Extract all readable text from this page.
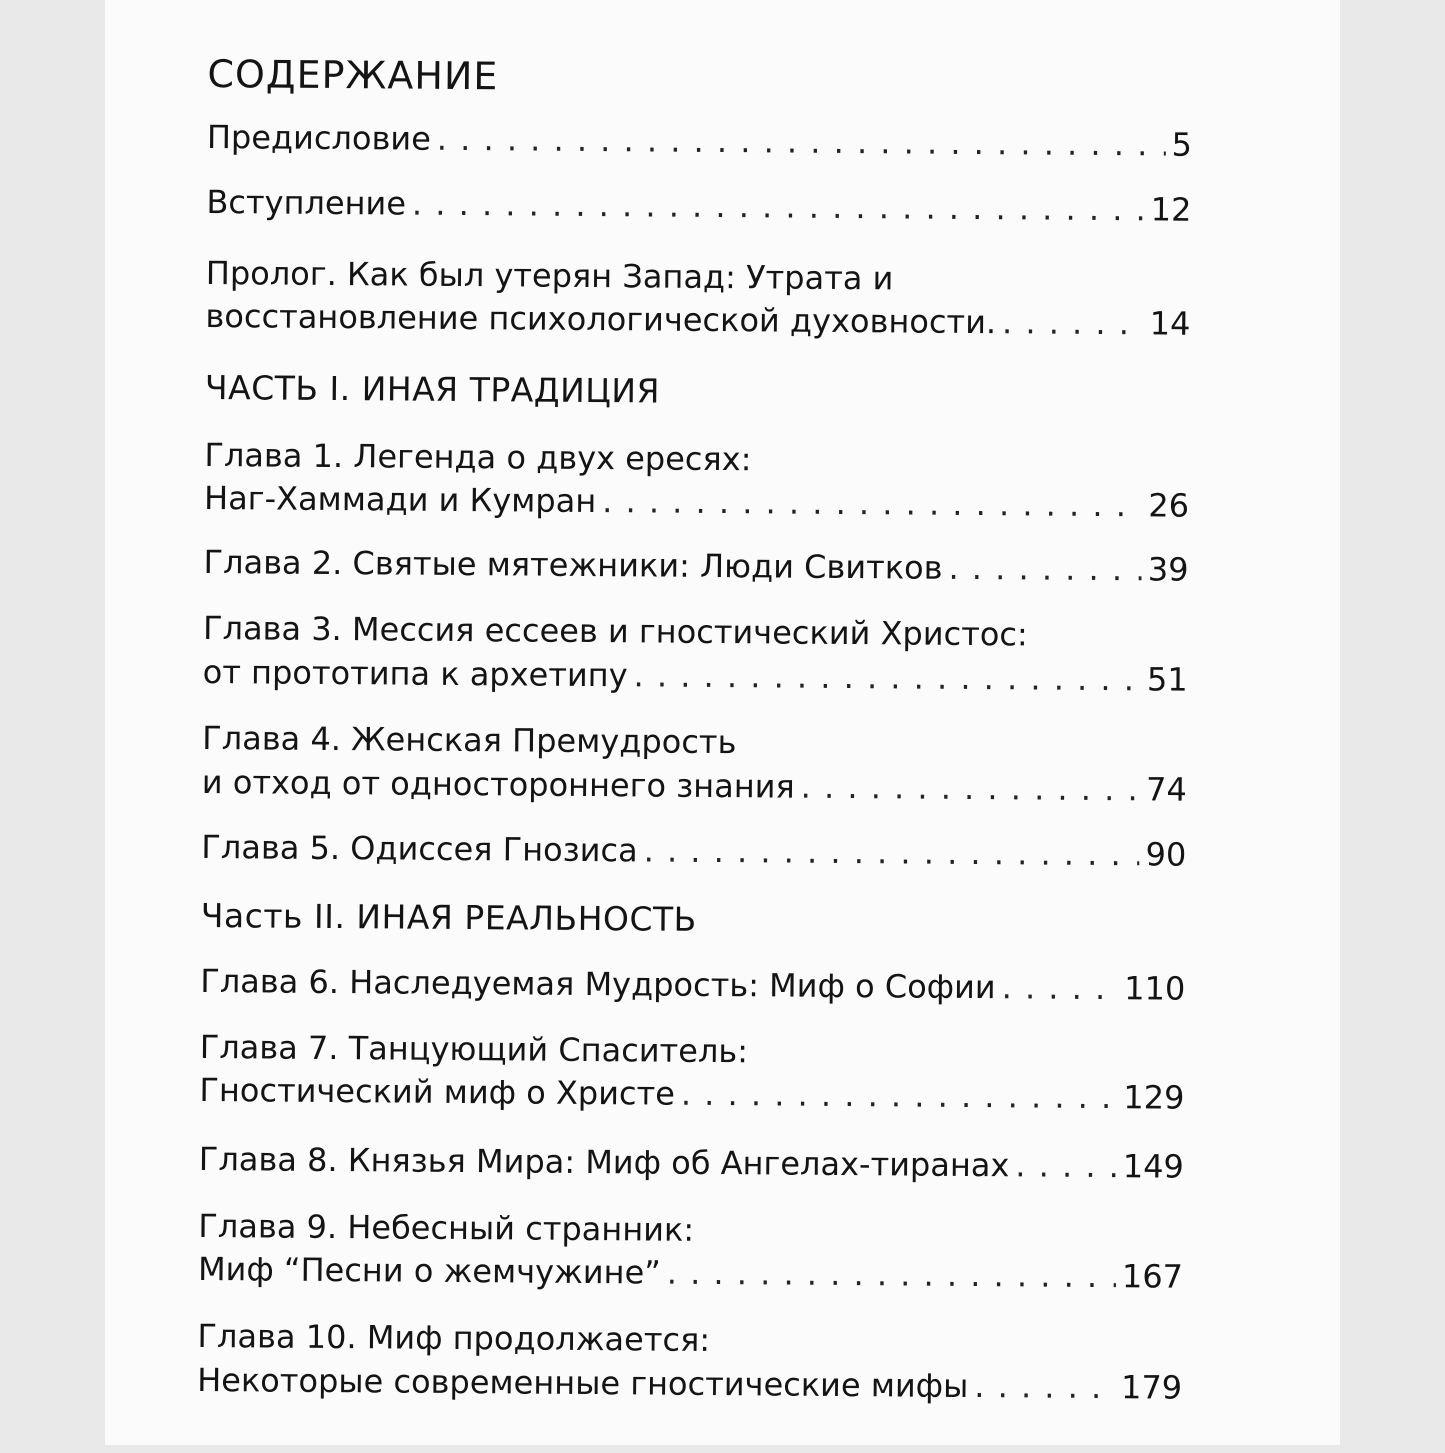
СОДЕРЖАНИЕ
Предисловие . . .	5
Вступление . . .	12
Пролог. Как был утерян Запад: Утрата и
восстановление психологической духовности. . . .	14
ЧАСТЬ I. ИНАЯ ТРАДИЦИЯ
Глава 1. Легенда о двух ересях:
Наг-Хаммади и Кумран . . .	26
Глава 2. Святые мятежники: Люди Свитков . . .	39
Глава 3. Мессия ессеев и гностический Христос:
от прототипа к архетипу . . .	51
Глава 4. Женская Премудрость
и отход от одностороннего знания . . .	74
Глава 5. Одиссея Гнозиса . . .	90
Часть II. ИНАЯ РЕАЛЬНОСТЬ
Глава 6. Наследуемая Мудрость: Миф о Софии . . .	110
Глава 7. Танцующий Спаситель:
Гностический миф о Христе . . .	129
Глава 8. Князья Мира: Миф об Ангелах-тиранах . . .	149
Глава 9. Небесный странник:
Миф “Песни о жемчужине” . . .	167
Глава 10. Миф продолжается:
Некоторые современные гностические мифы . . .	179
